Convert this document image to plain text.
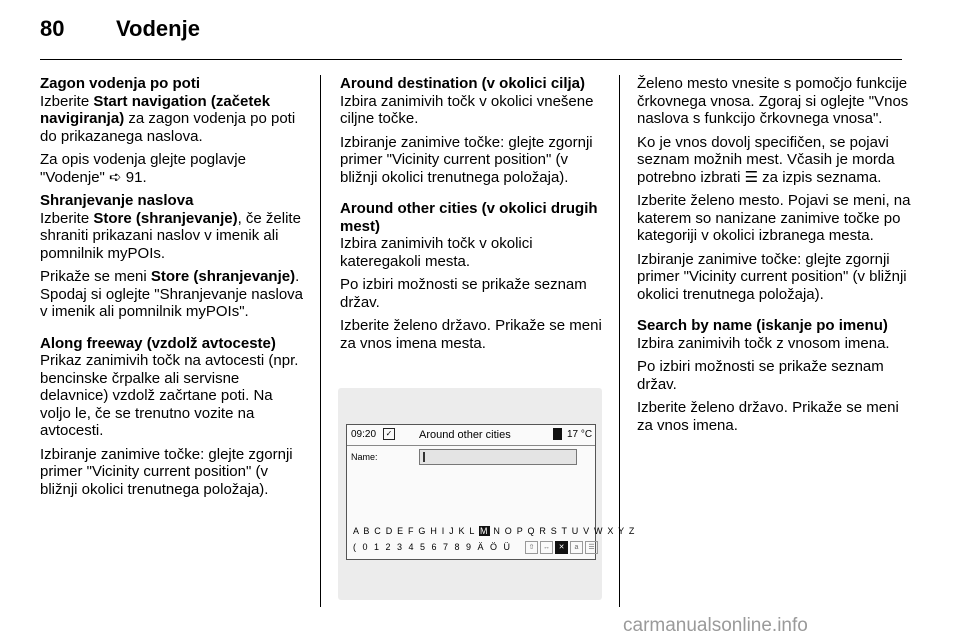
80 Vodenje
Zagon vodenja po poti

Izberite Start navigation (začetek navigiranja) za zagon vodenja po poti do prikazanega naslova.

Za opis vodenja glejte poglavje "Vodenje" ➪ 91.

Shranjevanje naslova

Izberite Store (shranjevanje), če želite shraniti prikazani naslov v imenik ali pomnilnik myPOIs.

Prikaže se meni Store (shranjevanje). Spodaj si oglejte "Shranjevanje naslova v imenik ali pomnilnik myPOIs".

Along freeway (vzdolž avtoceste)

Prikaz zanimivih točk na avtocesti (npr. bencinske črpalke ali servisne delavnice) vzdolž začrtane poti. Na voljo le, če se trenutno vozite na avtocesti.

Izbiranje zanimive točke: glejte zgornji primer "Vicinity current position" (v bližnji okolici trenutnega položaja).

Around destination (v okolici cilja)

Izbira zanimivih točk v okolici vnešene ciljne točke.

Izbiranje zanimive točke: glejte zgornji primer "Vicinity current position" (v bližnji okolici trenutnega položaja).

Around other cities (v okolici drugih mest)

Izbira zanimivih točk v okolici kateregakoli mesta.

Po izbiri možnosti se prikaže seznam držav.

Izberite želeno državo. Prikaže se meni za vnos imena mesta.

09:20	✓ Around other cities	17 °C
Name:
A B C D E F G H I J K L M N O P Q R S T U V W X Y Z
( 0 1 2 3 4 5 6 7 8 9 Ä Ö Ü	⇧	↔	✕	a	☰

Želeno mesto vnesite s pomočjo funkcije črkovnega vnosa. Zgoraj si oglejte "Vnos naslova s funkcijo črkovnega vnosa".

Ko je vnos dovolj specifičen, se pojavi seznam možnih mest. Včasih je morda potrebno izbrati ☰ za izpis seznama.

Izberite želeno mesto. Pojavi se meni, na katerem so nanizane zanimive točke po kategoriji v okolici izbranega mesta.

Izbiranje zanimive točke: glejte zgornji primer "Vicinity current position" (v bližnji okolici trenutnega položaja).

Search by name (iskanje po imenu)

Izbira zanimivih točk z vnosom imena.

Po izbiri možnosti se prikaže seznam držav.

Izberite želeno državo. Prikaže se meni za vnos imena.

carmanualsonline.info
